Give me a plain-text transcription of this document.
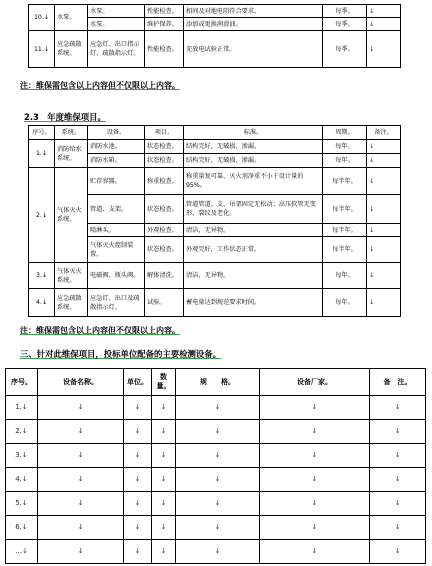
10.↓	水泵。	水泵。	性能检查。	相间及对地电阻符合要求。	每季。	↓
		水泵。	维护保养。	添加或更换润滑油。	每季。	↓
11.↓	应急疏散系统。	应急灯、出口指示灯、疏散指示灯。	性能检查。	充放电试验正常。	每季。	↓
注：维保需包含以上内容但不仅限以上内容。
2.3　年度维保项目。
序号。	系统。	设备。	项目。	标准。	周期。	备注。
1.↓	消防给水系统。	消防水池。	状态检查。	结构完好，无破损、渗漏。	每年。	↓
		消防水箱。	状态检查。	结构完好，无破损、渗漏。	每年。	↓
2.↓	气体灭火系统。	贮存容器。	称重检查。	称重量复可靠，灭火剂净重不小于设计量的95%。	每半年。	↓
		管道、支架。	状态检查。	管道管道、支、吊架固定无松动；高压软管无变形、裂纹及老化。	每半年。	↓
		喷淋头。	外观检查。	清洁，无异物。	每半年。	↓
		气体灭火控制装置。	状态检查。	外观完好，工作状态正常。	每半年。	↓
3.↓	气体灭火系统。	电磁阀、瓶头阀。	解体清洗。	清洁，无异物。	每年。	↓
4.↓	应急疏散系统。	应急灯、出口及疏散指示灯。	试验。	蓄电量达到规范要求时间。	每年。	↓
注：维保需包含以上内容但不仅限以上内容。
三、针对此维保项目，投标单位配备的主要检测设备。
序号。	设备名称。	单位。	数量。	规　　格。	设备厂家。	备　注。
1.↓	↓	↓	↓	↓	↓	↓
2.↓	↓	↓	↓	↓	↓	↓
3.↓	↓	↓	↓	↓	↓	↓
4.↓	↓	↓	↓	↓	↓	↓
5.↓	↓	↓	↓	↓	↓	↓
6.↓	↓	↓	↓	↓	↓	↓
…↓	↓	↓	↓	↓	↓	↓
